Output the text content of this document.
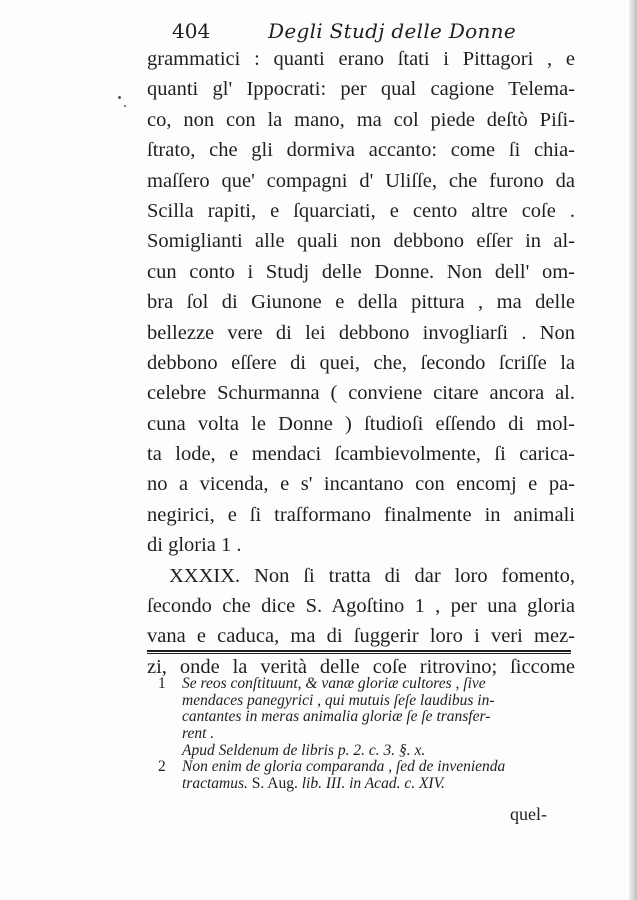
404	Degli Studj delle Donne
grammatici : quanti erano ſtati i Pittagori , e
quanti gl' Ippocrati: per qual cagione Telema-
co, non con la mano, ma col piede deſtò Piſi-
ſtrato, che gli dormiva accanto: come ſi chia-
maſſero que' compagni d' Uliſſe, che furono da
Scilla rapiti, e ſquarciati, e cento altre coſe .
Somiglianti alle quali non debbono eſſer in al-
cun conto i Studj delle Donne. Non dell' om-
bra ſol di Giunone e della pittura , ma delle
bellezze vere di lei debbono invogliarſi . Non
debbono eſſere di quei, che, ſecondo ſcriſſe la
celebre Schurmanna ( conviene citare ancora al.
cuna volta le Donne ) ſtudioſi eſſendo di mol-
ta lode, e mendaci ſcambievolmente, ſi carica-
no a vicenda, e s' incantano con encomj e pa-
negirici, e ſi traſformano finalmente in animali
di gloria 1 .
XXXIX. Non ſi tratta di dar loro fomento,
ſecondo che dice S. Agoſtino 1 , per una gloria
vana e caduca, ma di ſuggerir loro i veri mez-
zi, onde la verità delle coſe ritrovino; ſiccome
1 Se reos conſtituunt, & vanæ gloriæ cultores , ſive
mendaces panegyrici , qui mutuis ſeſe laudibus in-
cantantes in meras animalia gloriæ ſe ſe transfer-
rent .
Apud Seldenum de libris p. 2. c. 3. §. x.
2 Non enim de gloria comparanda , ſed de invenienda
tractamus. S. Aug. lib. III. in Acad. c. XIV.
quel-
